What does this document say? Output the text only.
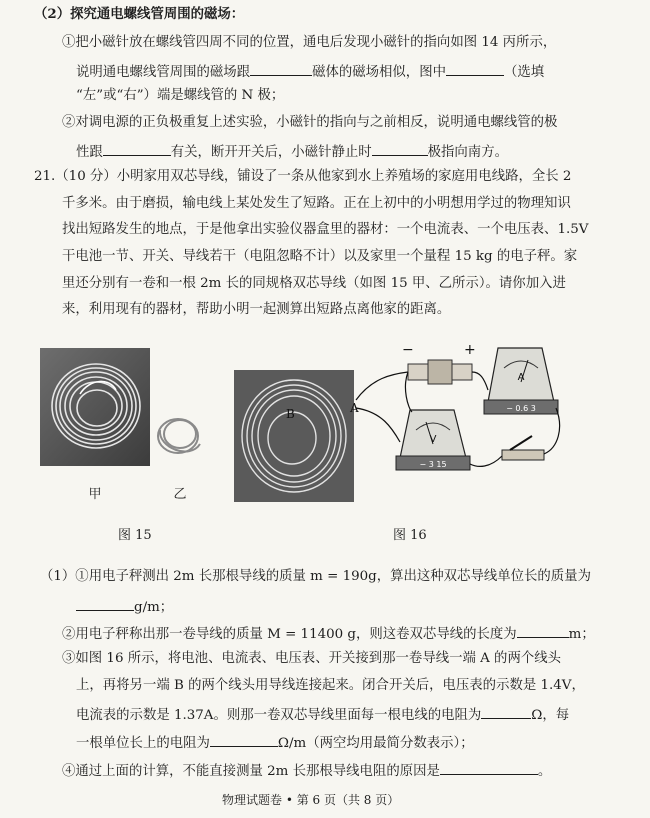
（2）探究通电螺线管周围的磁场：
①把小磁针放在螺线管四周不同的位置，通电后发现小磁针的指向如图 14 丙所示，
说明通电螺线管周围的磁场跟	磁体的磁场相似，图中	（选填
“左”或“右”）端是螺线管的 N 极；
②对调电源的正负极重复上述实验，小磁针的指向与之前相反，说明通电螺线管的极
性跟	有关，断开开关后，小磁针静止时	极指向南方。
21.（10 分）小明家用双芯导线，铺设了一条从他家到水上养殖场的家庭用电线路，全长 2
千多米。由于磨损，输电线上某处发生了短路。正在上初中的小明想用学过的物理知识
找出短路发生的地点，于是他拿出实验仪器盒里的器材：一个电流表、一个电压表、1.5V
干电池一节、开关、导线若干（电阻忽略不计）以及家里一个量程 15 kg 的电子秤。家
里还分别有一卷和一根 2m 长的同规格双芯导线（如图 15 甲、乙所示）。请你加入进
来，利用现有的器材，帮助小明一起测算出短路点离他家的距离。
甲	乙
图 15
B	A
−	+
A
− 0.6 3
V
− 3 15
图 16
（1）①用电子秤测出 2m 长那根导线的质量 m = 190g，算出这种双芯导线单位长的质量为
g/m；
②用电子秤称出那一卷导线的质量 M = 11400 g，则这卷双芯导线的长度为	m；
③如图 16 所示，将电池、电流表、电压表、开关接到那一卷导线一端 A 的两个线头
上，再将另一端 B 的两个线头用导线连接起来。闭合开关后，电压表的示数是 1.4V，
电流表的示数是 1.37A。则那一卷双芯导线里面每一根电线的电阻为	Ω，每
一根单位长上的电阻为	Ω/m（两空均用最简分数表示）；
④通过上面的计算，不能直接测量 2m 长那根导线电阻的原因是	。
物理试题卷 • 第 6 页（共 8 页）
